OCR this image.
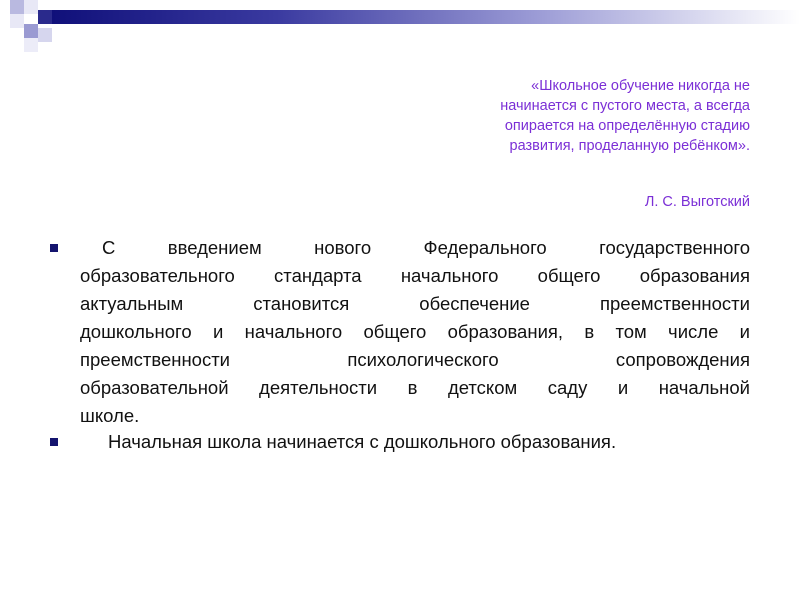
«Школьное обучение никогда не
начинается с пустого места, а всегда
опирается на определённую стадию
развития, проделанную ребёнком».
Л. С. Выготский
С введением нового Федерального государственного
образовательного стандарта начального общего образования
актуальным становится обеспечение преемственности
дошкольного и начального общего образования, в том числе и
преемственности психологического сопровождения
образовательной деятельности в детском саду и начальной
школе.
Начальная школа начинается с дошкольного образования.
